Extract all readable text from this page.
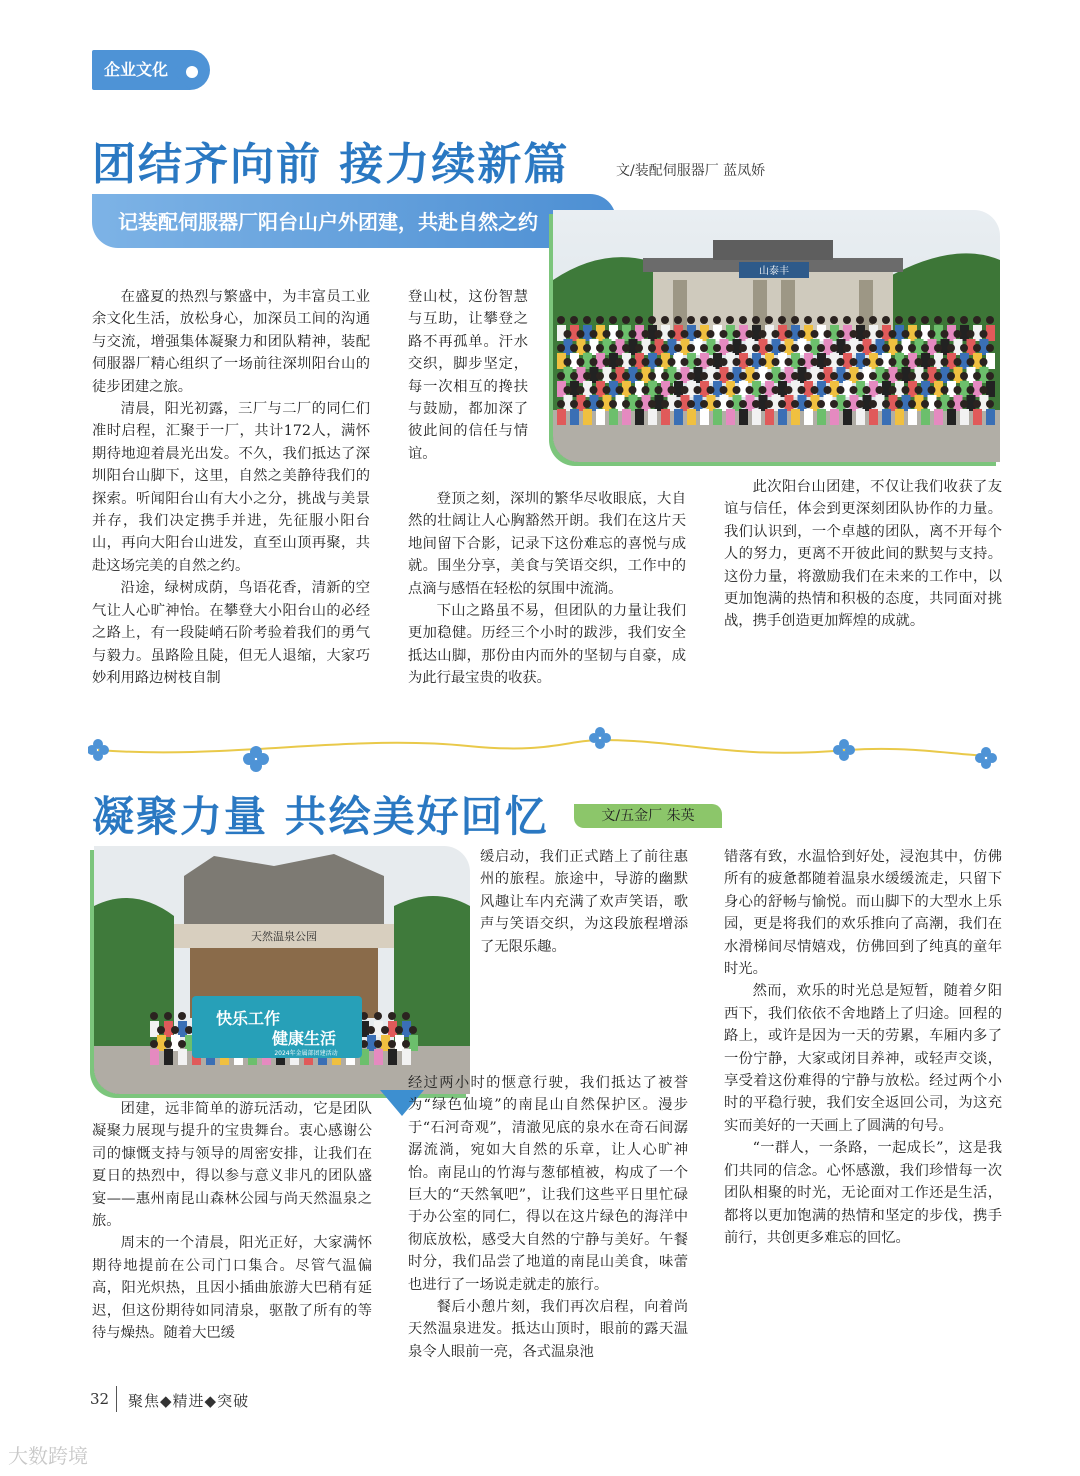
企业文化
团结齐向前 接力续新篇	文/装配伺服器厂 蓝凤娇
记装配伺服器厂阳台山户外团建，共赴自然之约
山泰丰

在盛夏的热烈与繁盛中，为丰富员工业余文化生活，放松身心，加深员工间的沟通与交流，增强集体凝聚力和团队精神，装配伺服器厂精心组织了一场前往深圳阳台山的徒步团建之旅。

清晨，阳光初露，三厂与二厂的同仁们准时启程，汇聚于一厂，共计172人，满怀期待地迎着晨光出发。不久，我们抵达了深圳阳台山脚下，这里，自然之美静待我们的探索。听闻阳台山有大小之分，挑战与美景并存，我们决定携手并进，先征服小阳台山，再向大阳台山进发，直至山顶再聚，共赴这场完美的自然之约。

沿途，绿树成荫，鸟语花香，清新的空气让人心旷神怡。在攀登大小阳台山的必经之路上，有一段陡峭石阶考验着我们的勇气与毅力。虽路险且陡，但无人退缩，大家巧妙利用路边树枝自制

登山杖，这份智慧与互助，让攀登之路不再孤单。汗水交织，脚步坚定，每一次相互的搀扶与鼓励，都加深了彼此间的信任与情谊。

登顶之刻，深圳的繁华尽收眼底，大自然的壮阔让人心胸豁然开朗。我们在这片天地间留下合影，记录下这份难忘的喜悦与成就。围坐分享，美食与笑语交织，工作中的点滴与感悟在轻松的氛围中流淌。

下山之路虽不易，但团队的力量让我们更加稳健。历经三个小时的跋涉，我们安全抵达山脚，那份由内而外的坚韧与自豪，成为此行最宝贵的收获。

此次阳台山团建，不仅让我们收获了友谊与信任，体会到更深刻团队协作的力量。我们认识到，一个卓越的团队，离不开每个人的努力，更离不开彼此间的默契与支持。这份力量，将激励我们在未来的工作中，以更加饱满的热情和积极的态度，共同面对挑战，携手创造更加辉煌的成就。

凝聚力量 共绘美好回忆	文/五金厂 朱英
天然温泉公园
快乐工作
健康生活
2024年金属部团建活动

团建，远非简单的游玩活动，它是团队凝聚力展现与提升的宝贵舞台。衷心感谢公司的慷慨支持与领导的周密安排，让我们在夏日的热烈中，得以参与意义非凡的团队盛宴——惠州南昆山森林公园与尚天然温泉之旅。

周末的一个清晨，阳光正好，大家满怀期待地提前在公司门口集合。尽管气温偏高，阳光炽热，且因小插曲旅游大巴稍有延迟，但这份期待如同清泉，驱散了所有的等待与燥热。随着大巴缓

缓启动，我们正式踏上了前往惠州的旅程。旅途中，导游的幽默风趣让车内充满了欢声笑语，歌声与笑语交织，为这段旅程增添了无限乐趣。

经过两小时的惬意行驶，我们抵达了被誉为“绿色仙境”的南昆山自然保护区。漫步于“石河奇观”，清澈见底的泉水在奇石间潺潺流淌，宛如大自然的乐章，让人心旷神怡。南昆山的竹海与葱郁植被，构成了一个巨大的“天然氧吧”，让我们这些平日里忙碌于办公室的同仁，得以在这片绿色的海洋中彻底放松，感受大自然的宁静与美好。午餐时分，我们品尝了地道的南昆山美食，味蕾也进行了一场说走就走的旅行。

餐后小憩片刻，我们再次启程，向着尚天然温泉进发。抵达山顶时，眼前的露天温泉令人眼前一亮，各式温泉池

错落有致，水温恰到好处，浸泡其中，仿佛所有的疲惫都随着温泉水缓缓流走，只留下身心的舒畅与愉悦。而山脚下的大型水上乐园，更是将我们的欢乐推向了高潮，我们在水滑梯间尽情嬉戏，仿佛回到了纯真的童年时光。

然而，欢乐的时光总是短暂，随着夕阳西下，我们依依不舍地踏上了归途。回程的路上，或许是因为一天的劳累，车厢内多了一份宁静，大家或闭目养神，或轻声交谈，享受着这份难得的宁静与放松。经过两个小时的平稳行驶，我们安全返回公司，为这充实而美好的一天画上了圆满的句号。

“一群人，一条路，一起成长”，这是我们共同的信念。心怀感激，我们珍惜每一次团队相聚的时光，无论面对工作还是生活，都将以更加饱满的热情和坚定的步伐，携手前行，共创更多难忘的回忆。

32 聚焦◆精进◆突破
大数跨境
